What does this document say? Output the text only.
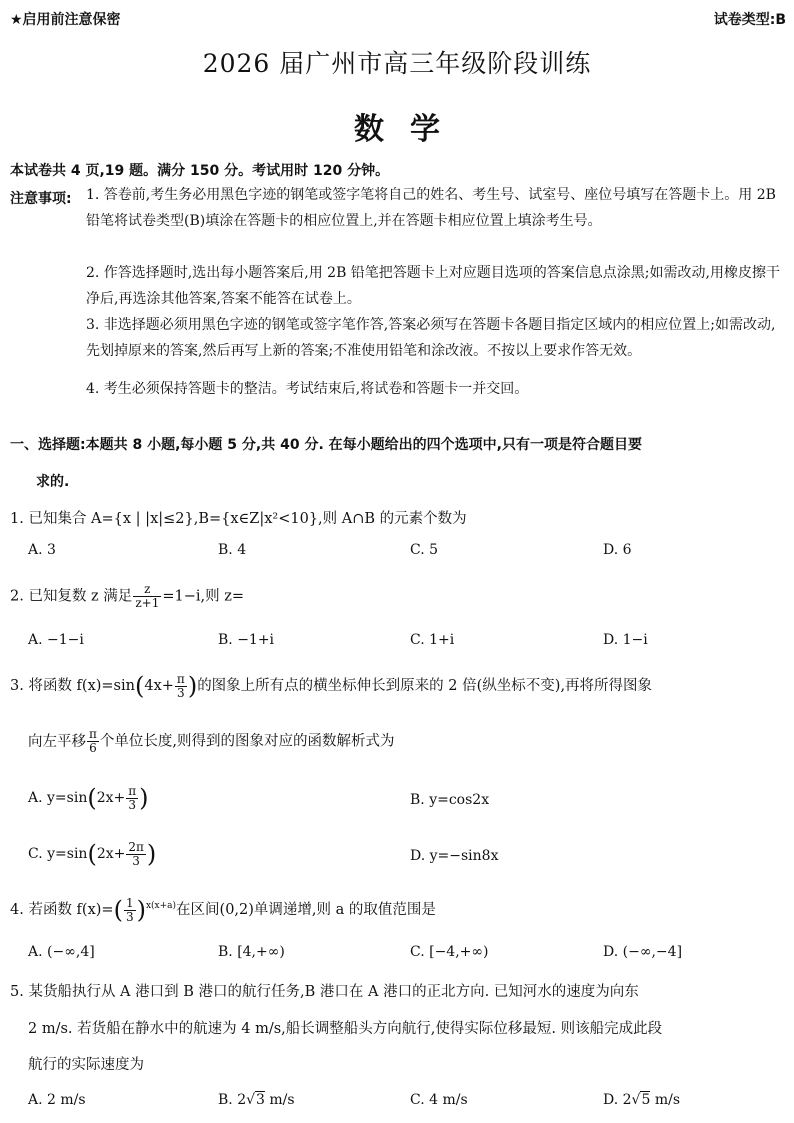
★启用前注意保密	试卷类型:B
2026 届广州市高三年级阶段训练
数学
本试卷共 4 页,19 题。满分 150 分。考试用时 120 分钟。
注意事项: 1. 答卷前,考生务必用黑色字迹的钢笔或签字笔将自己的姓名、考生号、试室号、座位号填写在答题卡上。用 2B 铅笔将试卷类型(B)填涂在答题卡的相应位置上,并在答题卡相应位置上填涂考生号。
2. 作答选择题时,选出每小题答案后,用 2B 铅笔把答题卡上对应题目选项的答案信息点涂黑;如需改动,用橡皮擦干净后,再选涂其他答案,答案不能答在试卷上。
3. 非选择题必须用黑色字迹的钢笔或签字笔作答,答案必须写在答题卡各题目指定区域内的相应位置上;如需改动,先划掉原来的答案,然后再写上新的答案;不准使用铅笔和涂改液。不按以上要求作答无效。
4. 考生必须保持答题卡的整洁。考试结束后,将试卷和答题卡一并交回。
一、选择题:本题共 8 小题,每小题 5 分,共 40 分. 在每小题给出的四个选项中,只有一项是符合题目要
求的.
1. 已知集合 A={x | |x|≤2},B={x∈Z|x²<10},则 A∩B 的元素个数为
A. 3	B. 4	C. 5	D. 6
2. 已知复数 z 满足 $\frac{z}{z+1} =1-i$,则 z=
A. −1−i	B. −1+i	C. 1+i	D. 1−i
3. 将函数 $f(x)=\sin(4x+ \frac{\pi}{3}$ )的图象上所有点的横坐标伸长到原来的 2 倍(纵坐标不变),再将所得图象
向左平移 $\frac{\pi}{6}$ 个单位长度,则得到的图象对应的函数解析式为
A. $y=\sin(2x+ \frac{\pi}{3}$ )	B. y=cos2x
C. $y=\sin(2x+ \frac{2\pi}{3}$ )	D. y=−sin8x
4. 若函数 $f(x)=( \frac{1}{3} )^{x(x+a)}$在区间(0,2)单调递增,则 a 的取值范围是
A. (−∞,4]	B. [4,+∞)	C. [−4,+∞)	D. (−∞,−4]
5. 某货船执行从 A 港口到 B 港口的航行任务,B 港口在 A 港口的正北方向. 已知河水的速度为向东
2 m/s. 若货船在静水中的航速为 4 m/s,船长调整船头方向航行,使得实际位移最短. 则该船完成此段
航行的实际速度为
A. 2 m/s	B. 2√3 m/s	C. 4 m/s	D. 2√5 m/s
